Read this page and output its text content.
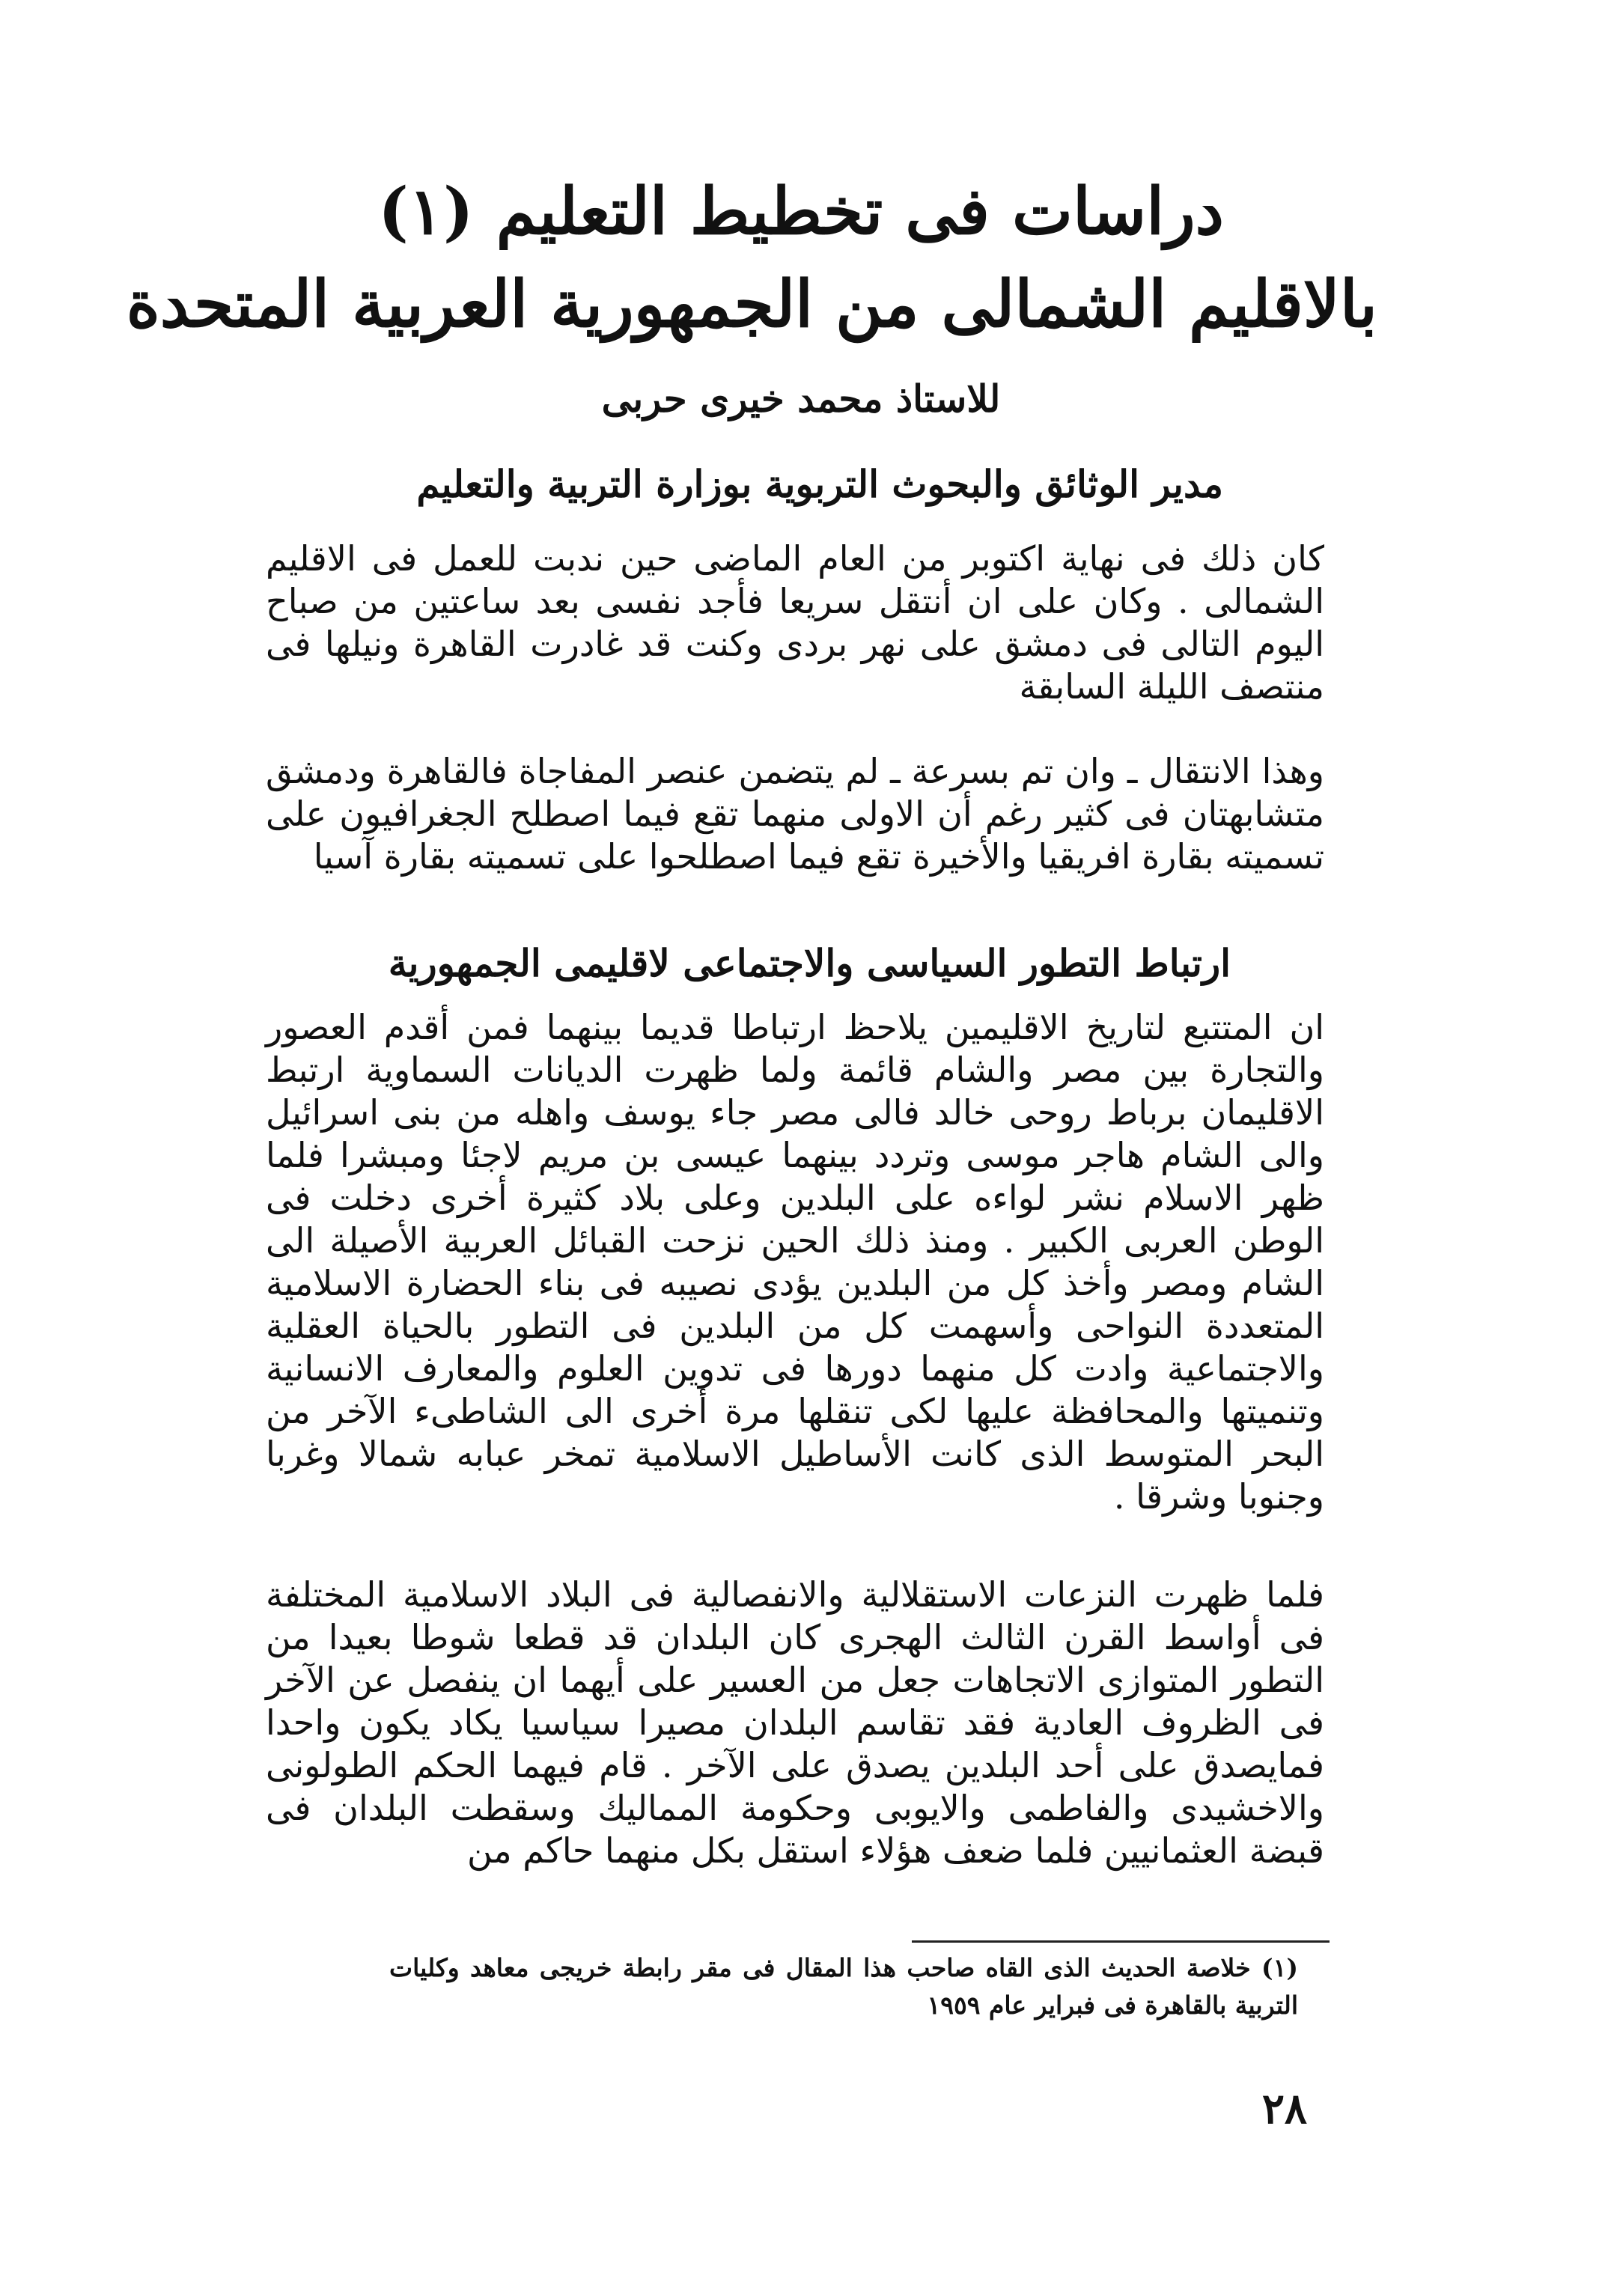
دراسات فى تخطيط التعليم (١)
بالاقليم الشمالى من الجمهورية العربية المتحدة

للاستاذ محمد خيرى حربى

مدير الوثائق والبحوث التربوية بوزارة التربية والتعليم

كان ذلك فى نهاية اكتوبر من العام الماضى حين ندبت للعمل فى الاقليم الشمالى . وكان على ان أنتقل سريعا فأجد نفسى بعد ساعتين من صباح اليوم التالى فى دمشق على نهر بردى وكنت قد غادرت القاهرة ونيلها فى منتصف الليلة السابقة

وهذا الانتقال ـ وان تم بسرعة ـ لم يتضمن عنصر المفاجاة فالقاهرة ودمشق متشابهتان فى كثير رغم أن الاولى منهما تقع فيما اصطلح الجغرافيون على تسميته بقارة افريقيا والأخيرة تقع فيما اصطلحوا على تسميته بقارة آسيا

ارتباط التطور السياسى والاجتماعى لاقليمى الجمهورية

ان المتتبع لتاريخ الاقليمين يلاحظ ارتباطا قديما بينهما فمن أقدم العصور والتجارة بين مصر والشام قائمة ولما ظهرت الديانات السماوية ارتبط الاقليمان برباط روحى خالد فالى مصر جاء يوسف واهله من بنى اسرائيل والى الشام هاجر موسى وتردد بينهما عيسى بن مريم لاجئا ومبشرا فلما ظهر الاسلام نشر لواءه على البلدين وعلى بلاد كثيرة أخرى دخلت فى الوطن العربى الكبير . ومنذ ذلك الحين نزحت القبائل العربية الأصيلة الى الشام ومصر وأخذ كل من البلدين يؤدى نصيبه فى بناء الحضارة الاسلامية المتعددة النواحى وأسهمت كل من البلدين فى التطور بالحياة العقلية والاجتماعية وادت كل منهما دورها فى تدوين العلوم والمعارف الانسانية وتنميتها والمحافظة عليها لكى تنقلها مرة أخرى الى الشاطىء الآخر من البحر المتوسط الذى كانت الأساطيل الاسلامية تمخر عبابه شمالا وغربا وجنوبا وشرقا .

فلما ظهرت النزعات الاستقلالية والانفصالية فى البلاد الاسلامية المختلفة فى أواسط القرن الثالث الهجرى كان البلدان قد قطعا شوطا بعيدا من التطور المتوازى الاتجاهات جعل من العسير على أيهما ان ينفصل عن الآخر فى الظروف العادية فقد تقاسم البلدان مصيرا سياسيا يكاد يكون واحدا فمايصدق على أحد البلدين يصدق على الآخر . قام فيهما الحكم الطولونى والاخشيدى والفاطمى والايوبى وحكومة المماليك وسقطت البلدان فى قبضة العثمانيين فلما ضعف هؤلاء استقل بكل منهما حاكم من

(١) خلاصة الحديث الذى القاه صاحب هذا المقال فى مقر رابطة خريجى معاهد وكليات التربية بالقاهرة فى فبراير عام ١٩٥٩

٢٨
